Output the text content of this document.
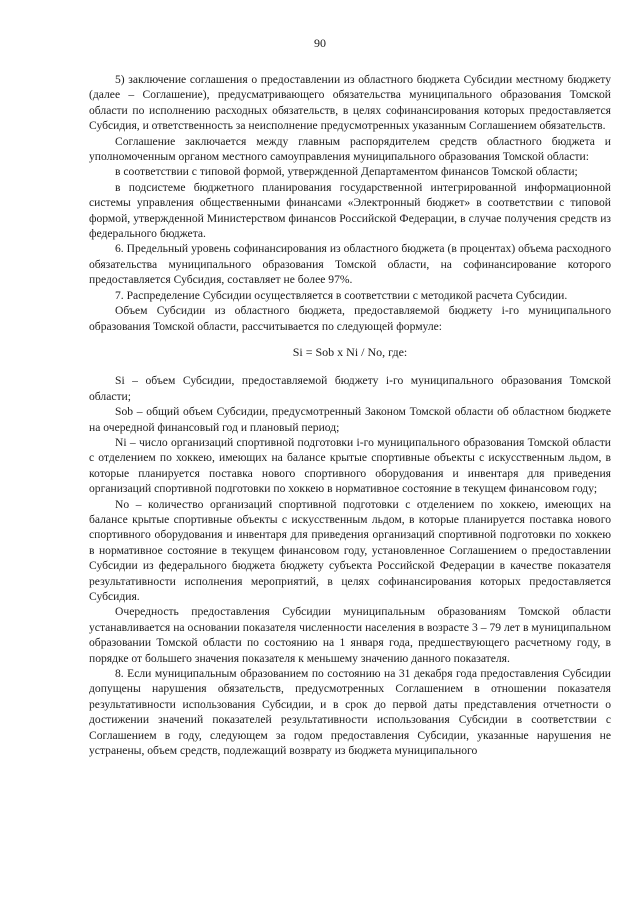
90

5) заключение соглашения о предоставлении из областного бюджета Субсидии местному бюджету (далее – Соглашение), предусматривающего обязательства муниципального образования Томской области по исполнению расходных обязательств, в целях софинансирования которых предоставляется Субсидия, и ответственность за неисполнение предусмотренных указанным Соглашением обязательств.

Соглашение заключается между главным распорядителем средств областного бюджета и уполномоченным органом местного самоуправления муниципального образования Томской области:

в соответствии с типовой формой, утвержденной Департаментом финансов Томской области;

в подсистеме бюджетного планирования государственной интегрированной информационной системы управления общественными финансами «Электронный бюджет» в соответствии с типовой формой, утвержденной Министерством финансов Российской Федерации, в случае получения средств из федерального бюджета.

6. Предельный уровень софинансирования из областного бюджета (в процентах) объема расходного обязательства муниципального образования Томской области, на софинансирование которого предоставляется Субсидия, составляет не более 97%.

7. Распределение Субсидии осуществляется в соответствии с методикой расчета Субсидии.

Объем Субсидии из областного бюджета, предоставляемой бюджету i-го муниципального образования Томской области, рассчитывается по следующей формуле:

Si = Sob x Ni / No, где:

Si – объем Субсидии, предоставляемой бюджету i-го муниципального образования Томской области;

Sob – общий объем Субсидии, предусмотренный Законом Томской области об областном бюджете на очередной финансовый год и плановый период;

Ni – число организаций спортивной подготовки i-го муниципального образования Томской области с отделением по хоккею, имеющих на балансе крытые спортивные объекты с искусственным льдом, в которые планируется поставка нового спортивного оборудования и инвентаря для приведения организаций спортивной подготовки по хоккею в нормативное состояние в текущем финансовом году;

No – количество организаций спортивной подготовки с отделением по хоккею, имеющих на балансе крытые спортивные объекты с искусственным льдом, в которые планируется поставка нового спортивного оборудования и инвентаря для приведения организаций спортивной подготовки по хоккею в нормативное состояние в текущем финансовом году, установленное Соглашением о предоставлении Субсидии из федерального бюджета бюджету субъекта Российской Федерации в качестве показателя результативности исполнения мероприятий, в целях софинансирования которых предоставляется Субсидия.

Очередность предоставления Субсидии муниципальным образованиям Томской области устанавливается на основании показателя численности населения в возрасте 3 – 79 лет в муниципальном образовании Томской области по состоянию на 1 января года, предшествующего расчетному году, в порядке от большего значения показателя к меньшему значению данного показателя.

8. Если муниципальным образованием по состоянию на 31 декабря года предоставления Субсидии допущены нарушения обязательств, предусмотренных Соглашением в отношении показателя результативности использования Субсидии, и в срок до первой даты представления отчетности о достижении значений показателей результативности использования Субсидии в соответствии с Соглашением в году, следующем за годом предоставления Субсидии, указанные нарушения не устранены, объем средств, подлежащий возврату из бюджета муниципального
